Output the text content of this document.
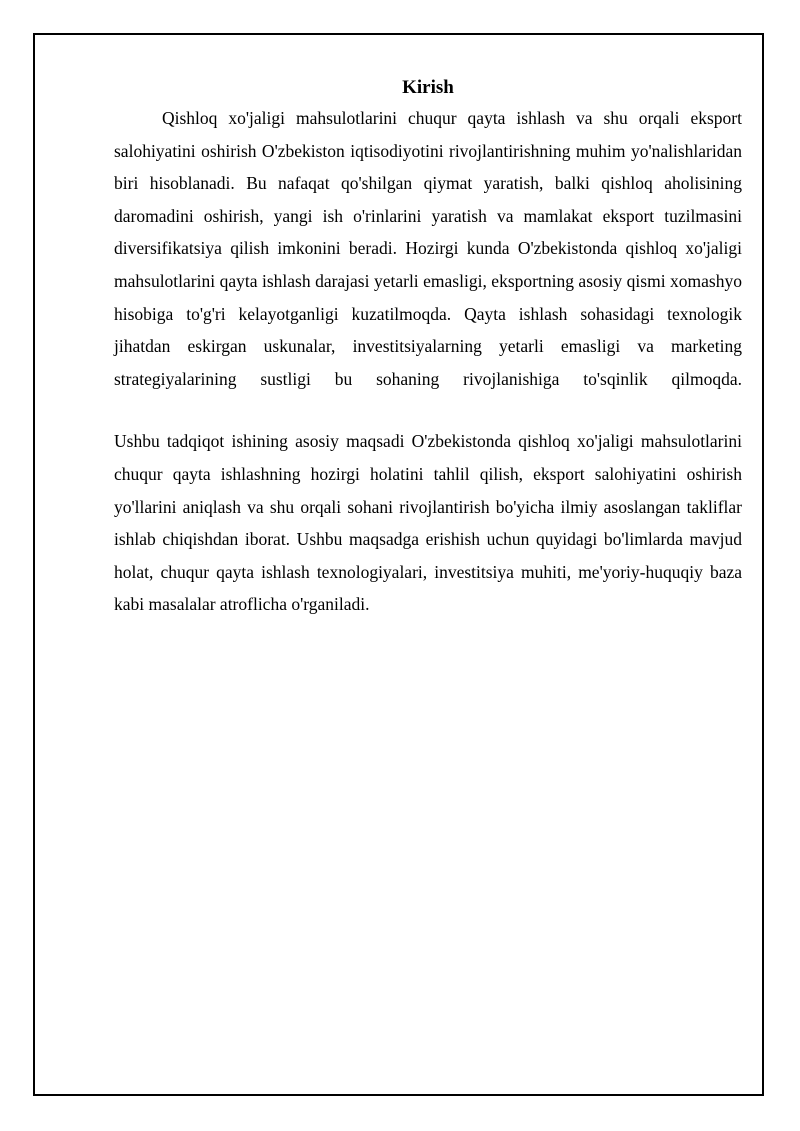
Kirish

Qishloq xo'jaligi mahsulotlarini chuqur qayta ishlash va shu orqali eksport salohiyatini oshirish O'zbekiston iqtisodiyotini rivojlantirishning muhim yo'nalishlaridan biri hisoblanadi. Bu nafaqat qo'shilgan qiymat yaratish, balki qishloq aholisining daromadini oshirish, yangi ish o'rinlarini yaratish va mamlakat eksport tuzilmasini diversifikatsiya qilish imkonini beradi. Hozirgi kunda O'zbekistonda qishloq xo'jaligi mahsulotlarini qayta ishlash darajasi yetarli emasligi, eksportning asosiy qismi xomashyo hisobiga to'g'ri kelayotganligi kuzatilmoqda. Qayta ishlash sohasidagi texnologik jihatdan eskirgan uskunalar, investitsiyalarning yetarli emasligi va marketing strategiyalarining sustligi bu sohaning rivojlanishiga to'sqinlik qilmoqda.

Ushbu tadqiqot ishining asosiy maqsadi O'zbekistonda qishloq xo'jaligi mahsulotlarini chuqur qayta ishlashning hozirgi holatini tahlil qilish, eksport salohiyatini oshirish yo'llarini aniqlash va shu orqali sohani rivojlantirish bo'yicha ilmiy asoslangan takliflar ishlab chiqishdan iborat. Ushbu maqsadga erishish uchun quyidagi bo'limlarda mavjud holat, chuqur qayta ishlash texnologiyalari, investitsiya muhiti, me'yoriy-huquqiy baza kabi masalalar atroflicha o'rganiladi.
